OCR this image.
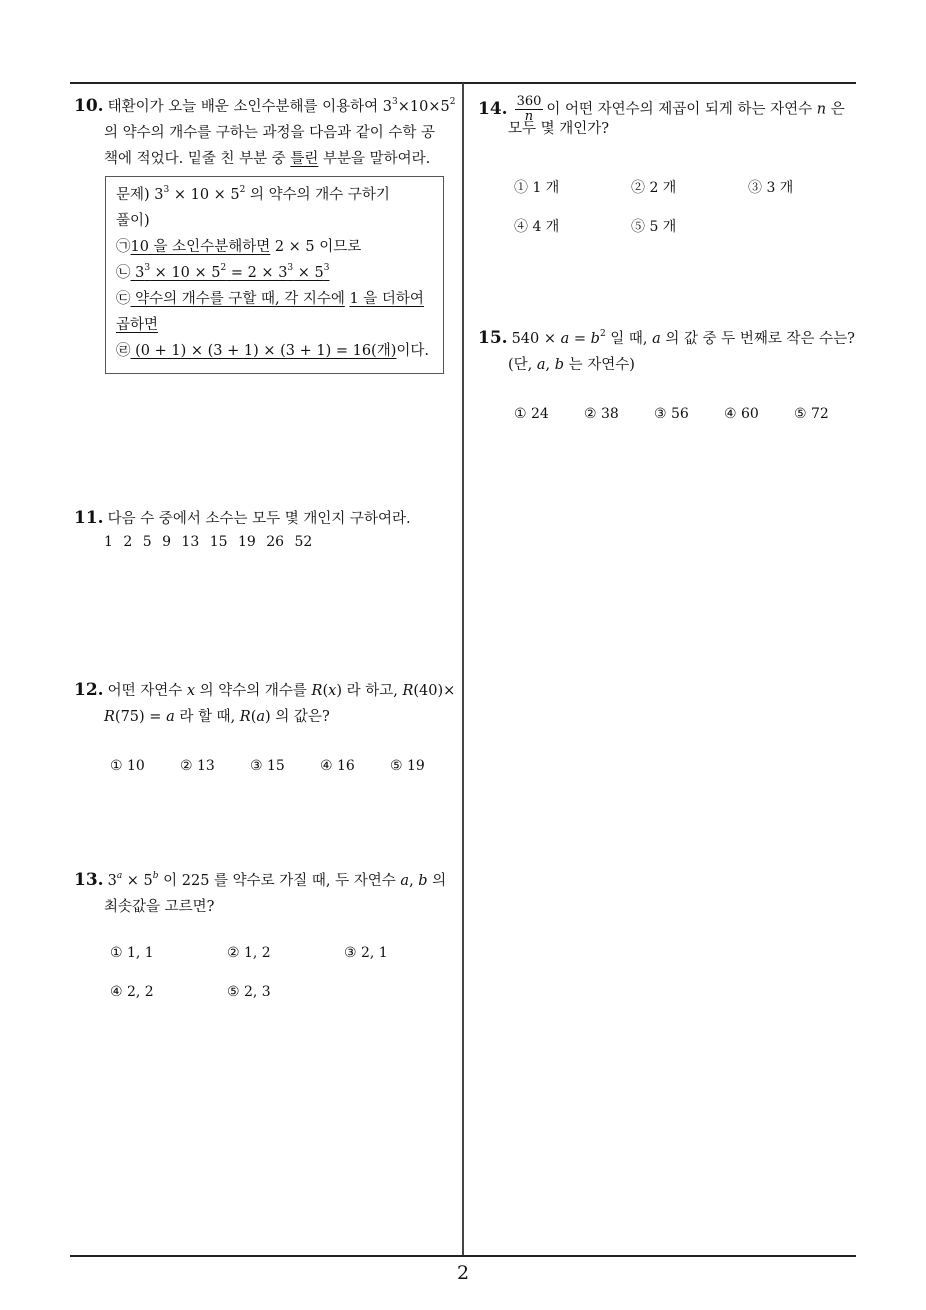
10. 태환이가 오늘 배운 소인수분해를 이용하여 $3^3\times 10\times 5^2$
의 약수의 개수를 구하는 과정을 다음과 같이 수학 공
책에 적었다. 밑줄 친 부분 중 틀린 부분을 말하여라.
문제) $3^3 \times 10 \times 5^2$ 의 약수의 개수 구하기
풀이)
㉠10 을 소인수분해하면 2 × 5 이므로
㉡ $3^3 \times 10 \times 5^2 = 2 \times 3^3 \times 5^3$
㉢ 약수의 개수를 구할 때, 각 지수에 1 을 더하여
곱하면
㉣ (0 + 1) × (3 + 1) × (3 + 1) = 16(개)이다.
11. 다음 수 중에서 소수는 모두 몇 개인지 구하여라.
1 2 5 9 13 15 19 26 52
12. 어떤 자연수 x 의 약수의 개수를 R(x) 라 하고, R(40)×
R(75) = a 라 할 때, R(a) 의 값은?
① 10	② 13	③ 15	④ 16	⑤ 19
13. $3^a \times 5^b$ 이 225 를 약수로 가질 때, 두 자연수 a, b 의
최솟값을 고르면?
① 1, 1	② 1, 2	③ 2, 1
④ 2, 2	⑤ 2, 3
14. $\frac{360}{n}$ 이 어떤 자연수의 제곱이 되게 하는 자연수 n 은
모두 몇 개인가?
① 1 개	② 2 개	③ 3 개
④ 4 개	⑤ 5 개
15. $540 \times a = b^2$ 일 때, a 의 값 중 두 번째로 작은 수는?
(단, a, b 는 자연수)
① 24	② 38	③ 56	④ 60	⑤ 72
2
